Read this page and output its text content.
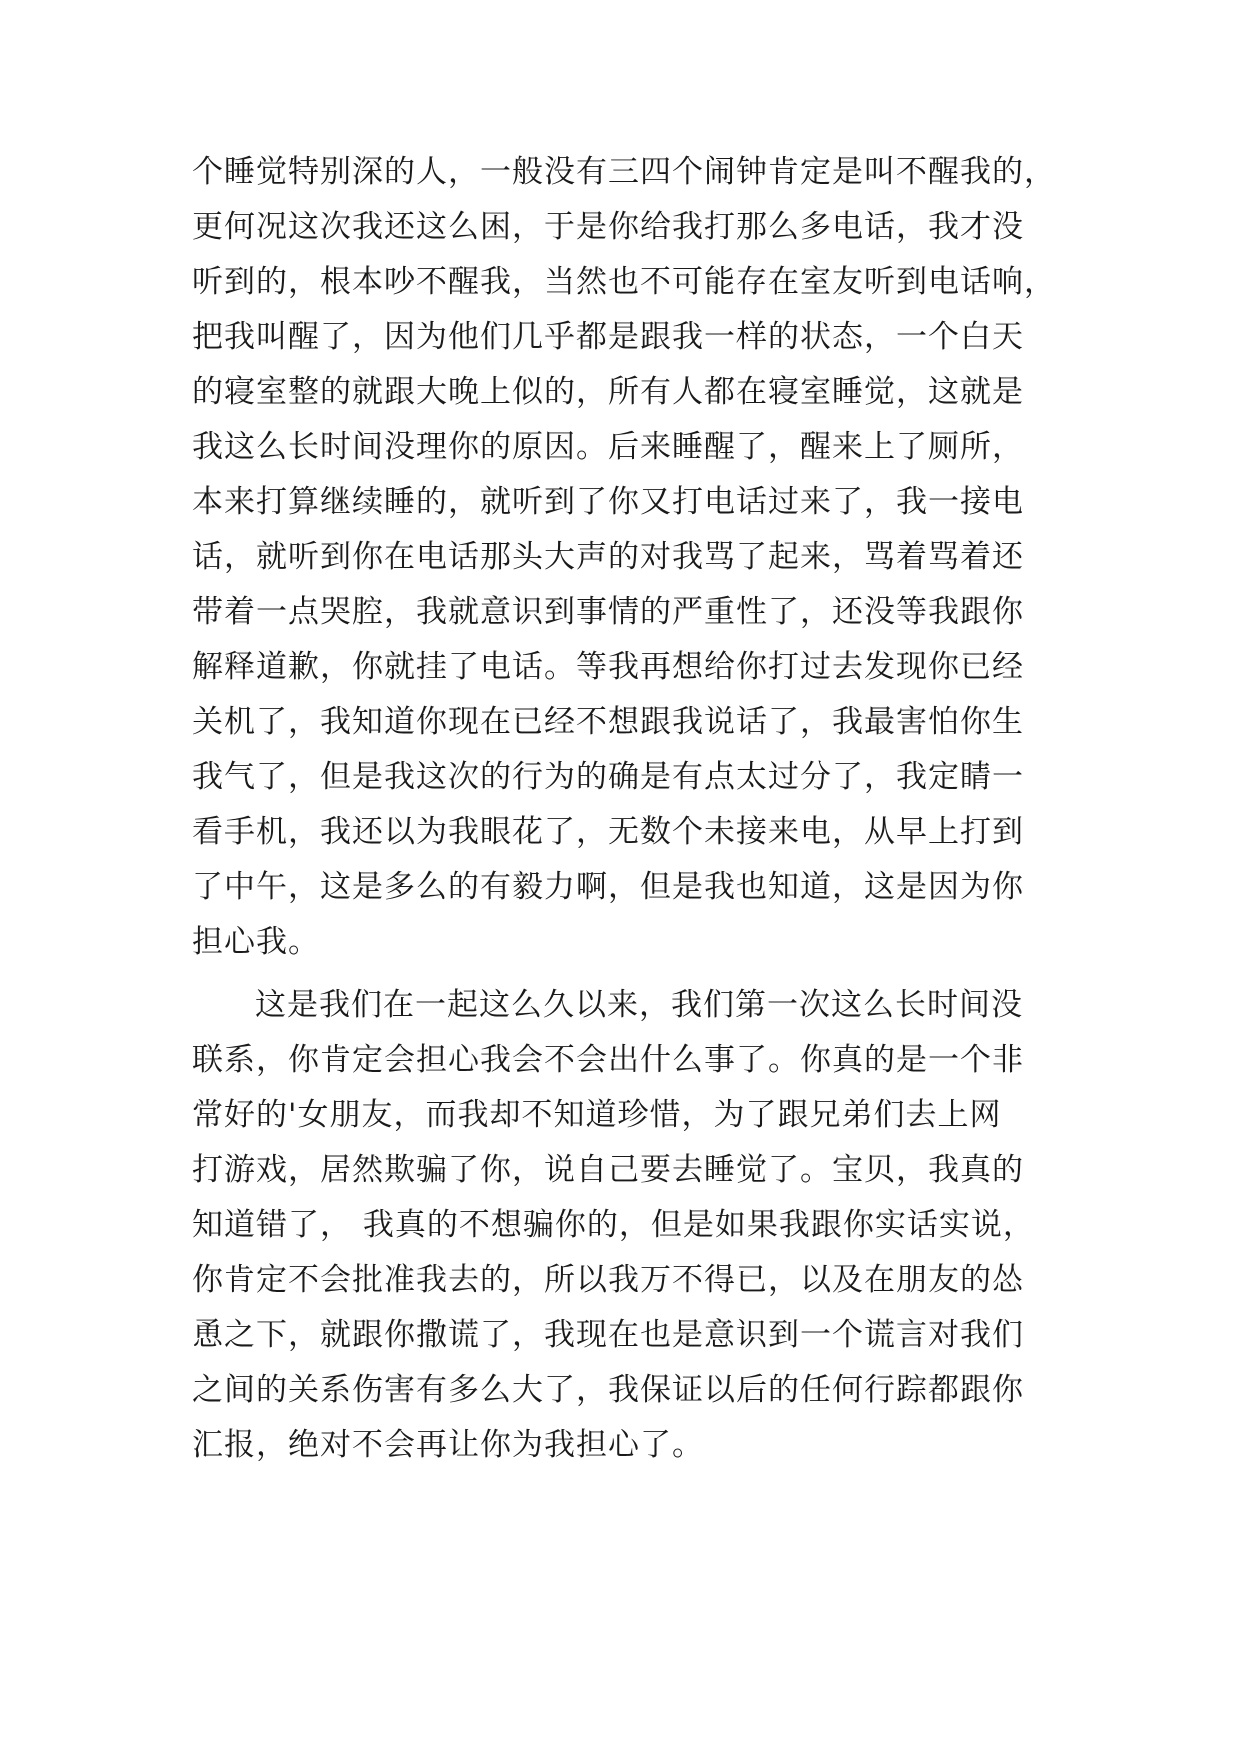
个睡觉特别深的人，一般没有三四个闹钟肯定是叫不醒我的，
更何况这次我还这么困，于是你给我打那么多电话，我才没
听到的，根本吵不醒我，当然也不可能存在室友听到电话响，
把我叫醒了，因为他们几乎都是跟我一样的状态，一个白天
的寝室整的就跟大晚上似的，所有人都在寝室睡觉，这就是
我这么长时间没理你的原因。后来睡醒了，醒来上了厕所，
本来打算继续睡的，就听到了你又打电话过来了，我一接电
话，就听到你在电话那头大声的对我骂了起来，骂着骂着还
带着一点哭腔，我就意识到事情的严重性了，还没等我跟你
解释道歉，你就挂了电话。等我再想给你打过去发现你已经
关机了，我知道你现在已经不想跟我说话了，我最害怕你生
我气了，但是我这次的行为的确是有点太过分了，我定睛一
看手机，我还以为我眼花了，无数个未接来电，从早上打到
了中午，这是多么的有毅力啊，但是我也知道，这是因为你
担心我。
这是我们在一起这么久以来，我们第一次这么长时间没
联系，你肯定会担心我会不会出什么事了。你真的是一个非
常好的'女朋友，而我却不知道珍惜，为了跟兄弟们去上网
打游戏，居然欺骗了你，说自己要去睡觉了。宝贝，我真的
知道错了， 我真的不想骗你的，但是如果我跟你实话实说，
你肯定不会批准我去的，所以我万不得已，以及在朋友的怂
恿之下，就跟你撒谎了，我现在也是意识到一个谎言对我们
之间的关系伤害有多么大了，我保证以后的任何行踪都跟你
汇报，绝对不会再让你为我担心了。
